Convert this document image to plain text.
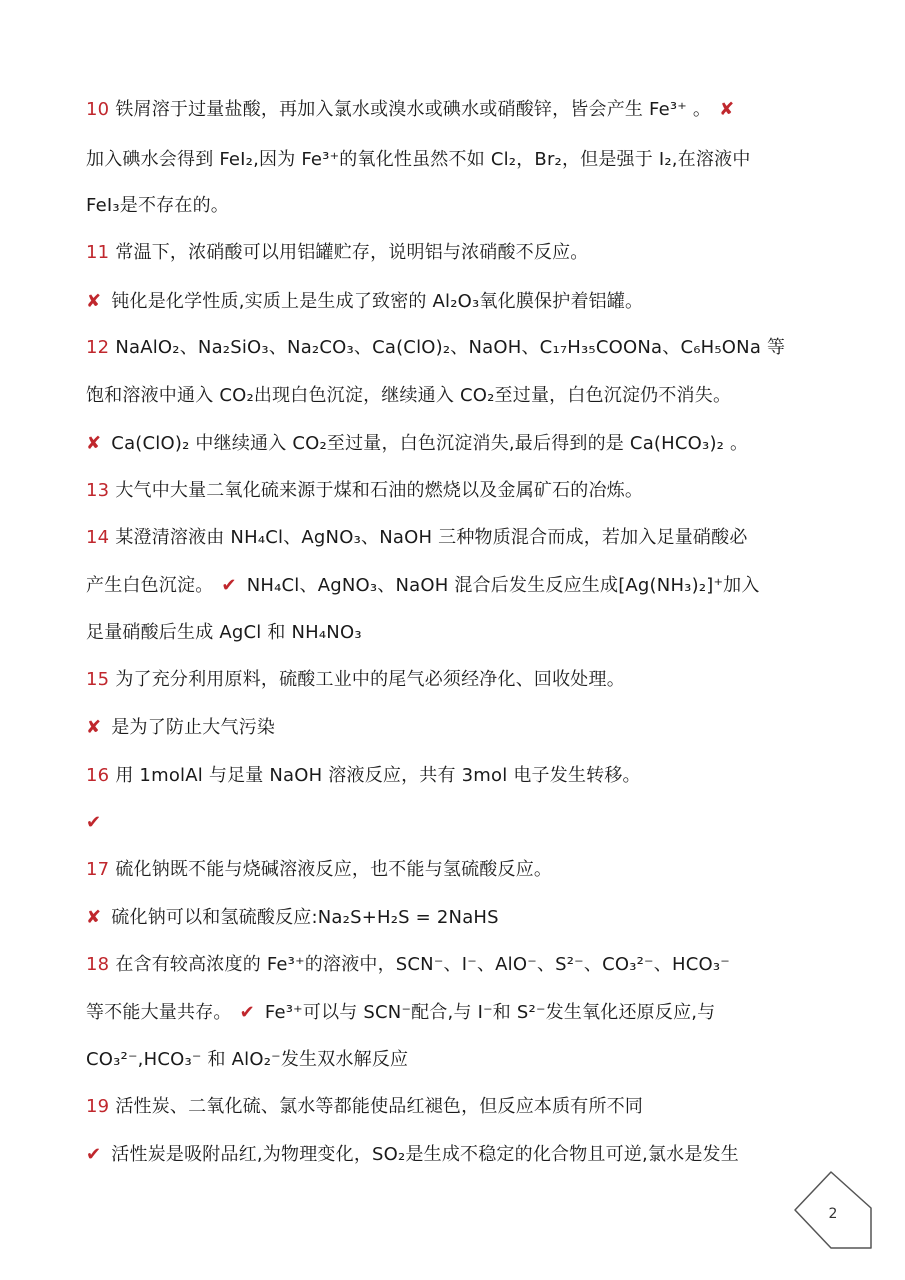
10 铁屑溶于过量盐酸，再加入氯水或溴水或碘水或硝酸锌，皆会产生 Fe³⁺ 。 ✘
加入碘水会得到 FeI₂,因为 Fe³⁺的氧化性虽然不如 Cl₂，Br₂，但是强于 I₂,在溶液中
FeI₃是不存在的。
11 常温下，浓硝酸可以用铝罐贮存，说明铝与浓硝酸不反应。
✘ 钝化是化学性质,实质上是生成了致密的 Al₂O₃氧化膜保护着铝罐。
12 NaAlO₂、Na₂SiO₃、Na₂CO₃、Ca(ClO)₂、NaOH、C₁₇H₃₅COONa、C₆H₅ONa 等
饱和溶液中通入 CO₂出现白色沉淀，继续通入 CO₂至过量，白色沉淀仍不消失。
✘ Ca(ClO)₂ 中继续通入 CO₂至过量，白色沉淀消失,最后得到的是 Ca(HCO₃)₂ 。
13 大气中大量二氧化硫来源于煤和石油的燃烧以及金属矿石的冶炼。
14 某澄清溶液由 NH₄Cl、AgNO₃、NaOH 三种物质混合而成，若加入足量硝酸必
产生白色沉淀。 ✔ NH₄Cl、AgNO₃、NaOH 混合后发生反应生成[Ag(NH₃)₂]⁺加入
足量硝酸后生成 AgCl 和 NH₄NO₃
15 为了充分利用原料，硫酸工业中的尾气必须经净化、回收处理。
✘ 是为了防止大气污染
16 用 1molAl 与足量 NaOH 溶液反应，共有 3mol 电子发生转移。
✔
17 硫化钠既不能与烧碱溶液反应，也不能与氢硫酸反应。
✘ 硫化钠可以和氢硫酸反应:Na₂S+H₂S = 2NaHS
18 在含有较高浓度的 Fe³⁺的溶液中，SCN⁻、I⁻、AlO⁻、S²⁻、CO₃²⁻、HCO₃⁻
等不能大量共存。 ✔ Fe³⁺可以与 SCN⁻配合,与 I⁻和 S²⁻发生氧化还原反应,与
CO₃²⁻,HCO₃⁻ 和 AlO₂⁻发生双水解反应
19 活性炭、二氧化硫、氯水等都能使品红褪色，但反应本质有所不同
✔ 活性炭是吸附品红,为物理变化，SO₂是生成不稳定的化合物且可逆,氯水是发生
2
